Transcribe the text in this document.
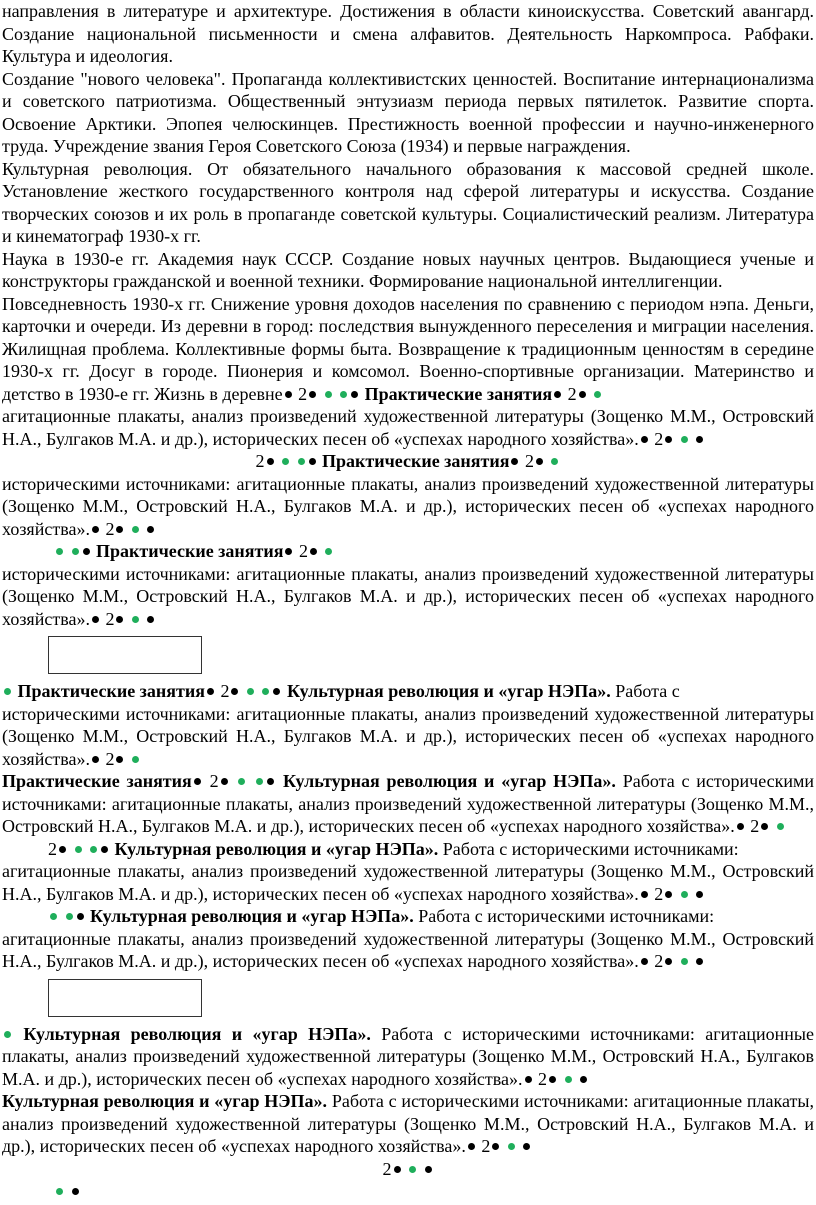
направления в литературе и архитектуре. Достижения в области киноискусства. Советский авангард. Создание национальной письменности и смена алфавитов. Деятельность Наркомпроса. Рабфаки. Культура и идеология.

Создание "нового человека". Пропаганда коллективистских ценностей. Воспитание интернационализма и советского патриотизма. Общественный энтузиазм периода первых пятилеток. Развитие спорта. Освоение Арктики. Эпопея челюскинцев. Престижность военной профессии и научно-инженерного труда. Учреждение звания Героя Советского Союза (1934) и первые награждения.

Культурная революция. От обязательного начального образования к массовой средней школе. Установление жесткого государственного контроля над сферой литературы и искусства. Создание творческих союзов и их роль в пропаганде советской культуры. Социалистический реализм. Литература и кинематограф 1930-х гг.

Наука в 1930-е гг. Академия наук СССР. Создание новых научных центров. Выдающиеся ученые и конструкторы гражданской и военной техники. Формирование национальной интеллигенции.

Повседневность 1930-х гг. Снижение уровня доходов населения по сравнению с периодом нэпа. Деньги, карточки и очереди. Из деревни в город: последствия вынужденного переселения и миграции населения. Жилищная проблема. Коллективные формы быта. Возвращение к традиционным ценностям в середине 1930-х гг. Досуг в городе. Пионерия и комсомол. Военно-спортивные организации. Материнство и детство в 1930-е гг. Жизнь в деревне 2	Практические занятия 2

агитационные плакаты, анализ произведений художественной литературы (Зощенко М.М., Островский Н.А., Булгаков М.А. и др.), исторических песен об «успехах народного хозяйства». 2

2	Практические занятия 2

историческими источниками: агитационные плакаты, анализ произведений художественной литературы (Зощенко М.М., Островский Н.А., Булгаков М.А. и др.), исторических песен об «успехах народного хозяйства». 2

Практические занятия 2

историческими источниками: агитационные плакаты, анализ произведений художественной литературы (Зощенко М.М., Островский Н.А., Булгаков М.А. и др.), исторических песен об «успехах народного хозяйства». 2

Практические занятия 2	Культурная революция и «угар НЭПа». Работа с
историческими источниками: агитационные плакаты, анализ произведений художественной литературы (Зощенко М.М., Островский Н.А., Булгаков М.А. и др.), исторических песен об «успехах народного хозяйства». 2

Практические занятия 2	Культурная революция и «угар НЭПа». Работа с историческими источниками: агитационные плакаты, анализ произведений художественной литературы (Зощенко М.М., Островский Н.А., Булгаков М.А. и др.), исторических песен об «успехах народного хозяйства». 2

2	Культурная революция и «угар НЭПа». Работа с историческими источниками:

агитационные плакаты, анализ произведений художественной литературы (Зощенко М.М., Островский Н.А., Булгаков М.А. и др.), исторических песен об «успехах народного хозяйства». 2

Культурная революция и «угар НЭПа». Работа с историческими источниками:

агитационные плакаты, анализ произведений художественной литературы (Зощенко М.М., Островский Н.А., Булгаков М.А. и др.), исторических песен об «успехах народного хозяйства». 2

Культурная революция и «угар НЭПа». Работа с историческими источниками: агитационные плакаты, анализ произведений художественной литературы (Зощенко М.М., Островский Н.А., Булгаков М.А. и др.), исторических песен об «успехах народного хозяйства». 2

Культурная революция и «угар НЭПа». Работа с историческими источниками: агитационные плакаты, анализ произведений художественной литературы (Зощенко М.М., Островский Н.А., Булгаков М.А. и др.), исторических песен об «успехах народного хозяйства». 2

2
